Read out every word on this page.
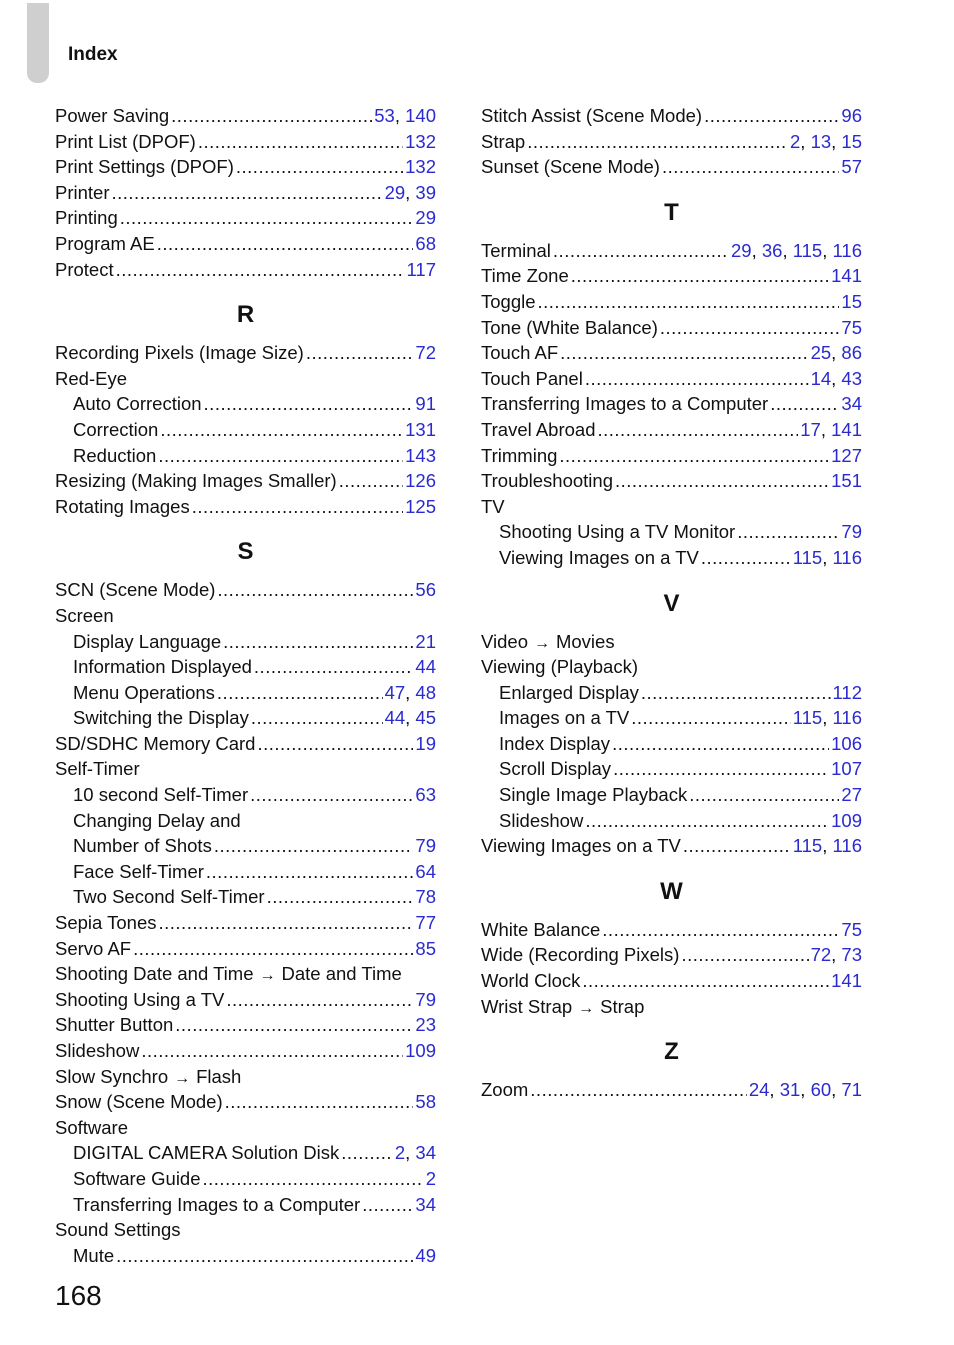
Index
Power Saving .....	53, 140
Print List (DPOF) .....	132
Print Settings (DPOF) .....	132
Printer .....	29, 39
Printing .....	29
Program AE .....	68
Protect .....	117
R
Recording Pixels (Image Size) .....	72
Red-Eye
Auto Correction .....	91
Correction .....	131
Reduction .....	143
Resizing (Making Images Smaller) .....	126
Rotating Images .....	125
S
SCN (Scene Mode) .....	56
Screen
Display Language .....	21
Information Displayed .....	44
Menu Operations .....	47, 48
Switching the Display .....	44, 45
SD/SDHC Memory Card .....	19
Self-Timer
10 second Self-Timer .....	63
Changing Delay and
Number of Shots .....	79
Face Self-Timer .....	64
Two Second Self-Timer .....	78
Sepia Tones .....	77
Servo AF .....	85
Shooting Date and Time → Date and Time
Shooting Using a TV .....	79
Shutter Button .....	23
Slideshow .....	109
Slow Synchro → Flash
Snow (Scene Mode) .....	58
Software
DIGITAL CAMERA Solution Disk .....	2, 34
Software Guide .....	2
Transferring Images to a Computer .....	34
Sound Settings
Mute .....	49
Stitch Assist (Scene Mode) .....	96
Strap .....	2, 13, 15
Sunset (Scene Mode) .....	57
T
Terminal .....	29, 36, 115, 116
Time Zone .....	141
Toggle .....	15
Tone (White Balance) .....	75
Touch AF .....	25, 86
Touch Panel .....	14, 43
Transferring Images to a Computer .....	34
Travel Abroad .....	17, 141
Trimming .....	127
Troubleshooting .....	151
TV
Shooting Using a TV Monitor .....	79
Viewing Images on a TV .....	115, 116
V
Video → Movies
Viewing (Playback)
Enlarged Display .....	112
Images on a TV .....	115, 116
Index Display .....	106
Scroll Display .....	107
Single Image Playback .....	27
Slideshow .....	109
Viewing Images on a TV .....	115, 116
W
White Balance .....	75
Wide (Recording Pixels) .....	72, 73
World Clock .....	141
Wrist Strap → Strap
Z
Zoom .....	24, 31, 60, 71
168
